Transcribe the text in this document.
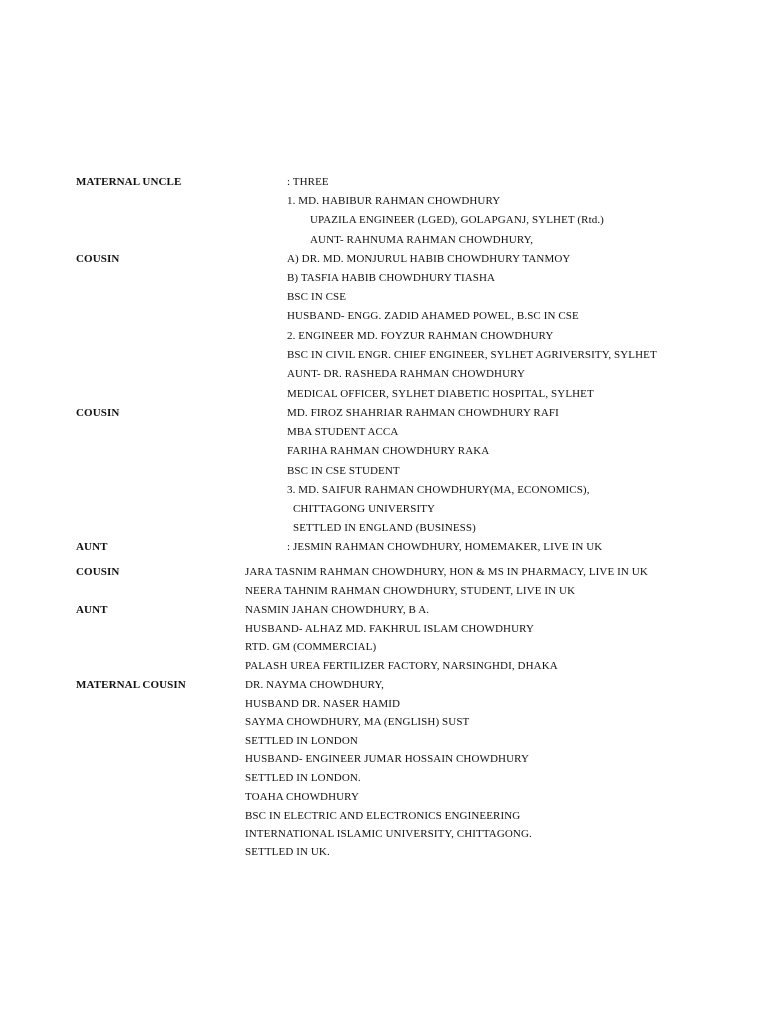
MATERNAL UNCLE	: THREE
1. MD. HABIBUR RAHMAN CHOWDHURY
UPAZILA ENGINEER (LGED), GOLAPGANJ, SYLHET (Rtd.)
AUNT- RAHNUMA RAHMAN CHOWDHURY,
COUSIN	A) DR. MD. MONJURUL HABIB CHOWDHURY TANMOY
B) TASFIA HABIB CHOWDHURY TIASHA
BSC IN CSE
HUSBAND- ENGG. ZADID AHAMED POWEL, B.SC IN CSE
2. ENGINEER MD. FOYZUR RAHMAN CHOWDHURY
BSC IN CIVIL ENGR. CHIEF ENGINEER, SYLHET AGRIVERSITY, SYLHET
AUNT- DR. RASHEDA RAHMAN CHOWDHURY
MEDICAL OFFICER, SYLHET DIABETIC HOSPITAL, SYLHET
COUSIN	MD. FIROZ SHAHRIAR RAHMAN CHOWDHURY RAFI
MBA STUDENT ACCA
FARIHA RAHMAN CHOWDHURY RAKA
BSC IN CSE STUDENT
3. MD. SAIFUR RAHMAN CHOWDHURY(MA, ECONOMICS),
CHITTAGONG UNIVERSITY
SETTLED IN ENGLAND (BUSINESS)
AUNT	: JESMIN RAHMAN CHOWDHURY, HOMEMAKER, LIVE IN UK
COUSIN	JARA TASNIM RAHMAN CHOWDHURY, HON & MS IN PHARMACY, LIVE IN UK
NEERA TAHNIM RAHMAN CHOWDHURY, STUDENT, LIVE IN UK
AUNT	NASMIN JAHAN CHOWDHURY, B A.
HUSBAND- ALHAZ MD. FAKHRUL ISLAM CHOWDHURY
RTD. GM (COMMERCIAL)
PALASH UREA FERTILIZER FACTORY, NARSINGHDI, DHAKA
MATERNAL COUSIN	DR. NAYMA CHOWDHURY,
HUSBAND DR. NASER HAMID
SAYMA CHOWDHURY, MA (ENGLISH) SUST
SETTLED IN LONDON
HUSBAND- ENGINEER JUMAR HOSSAIN CHOWDHURY
SETTLED IN LONDON.
TOAHA CHOWDHURY
BSC IN ELECTRIC AND ELECTRONICS ENGINEERING
INTERNATIONAL ISLAMIC UNIVERSITY, CHITTAGONG.
SETTLED IN UK.
